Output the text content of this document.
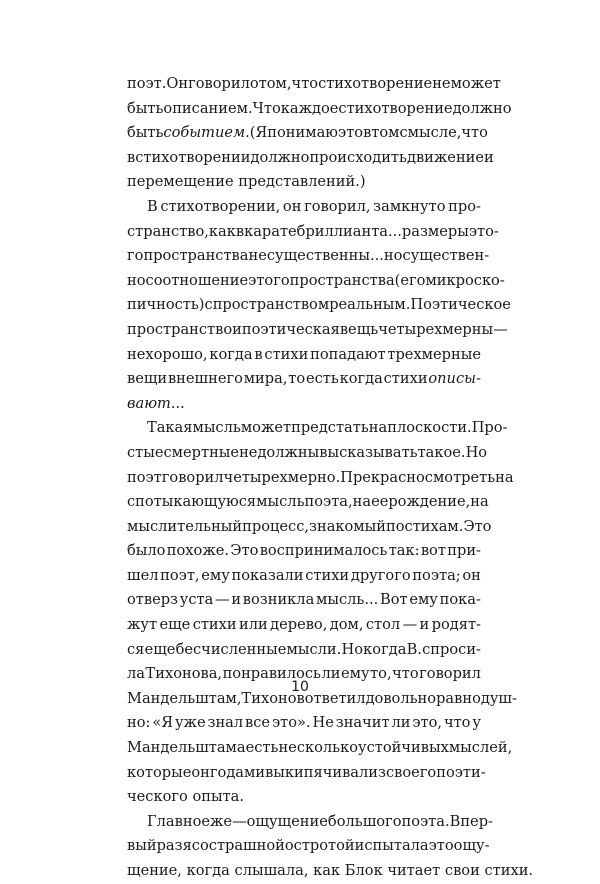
поэт. Он говорил о том, что стихотворение не может
быть описанием. Что каждое стихотворение должно
быть событием. (Я понимаю это в том смысле, что
в стихотворении должно происходить движение и
перемещение представлений.)
В стихотворении, он говорил, замкнуто про-
странство, как в карате бриллианта... размеры это-
го пространства не существенны... но существен-
но соотношение этого пространства (его микроско-
пичность) с пространством реальным. Поэтическое
пространство и поэтическая вещь четырехмерны —
нехорошо, когда в стихи попадают трехмерные
вещи внешнего мира, то есть когда стихи описы-
вают...
Такая мысль может предстать на плоскости. Про-
стые смертные не должны высказывать такое. Но
поэт говорил четырехмерно. Прекрасно смотреть на
спотыкающуюся мысль поэта, на ее рождение, на
мыслительный процесс, знакомый по стихам. Это
было похоже. Это воспринималось так: вот при-
шел поэт, ему показали стихи другого поэта; он
отверз уста — и возникла мысль... Вот ему пока-
жут еще стихи или дерево, дом, стол — и родят-
ся еще бесчисленные мысли. Но когда В. спроси-
ла Тихонова, понравилось ли ему то, что говорил
Мандельштам, Тихонов ответил довольно равнодуш-
но: «Я уже знал все это». Не значит ли это, что у
Мандельштама есть несколько устойчивых мыслей,
которые он годами выкипячивал из своего поэти-
ческого опыта.
Главное же — ощущение большого поэта. В пер-
вый раз я со страшной остротой испытала это ощу-
щение, когда слышала, как Блок читает свои стихи.
10
